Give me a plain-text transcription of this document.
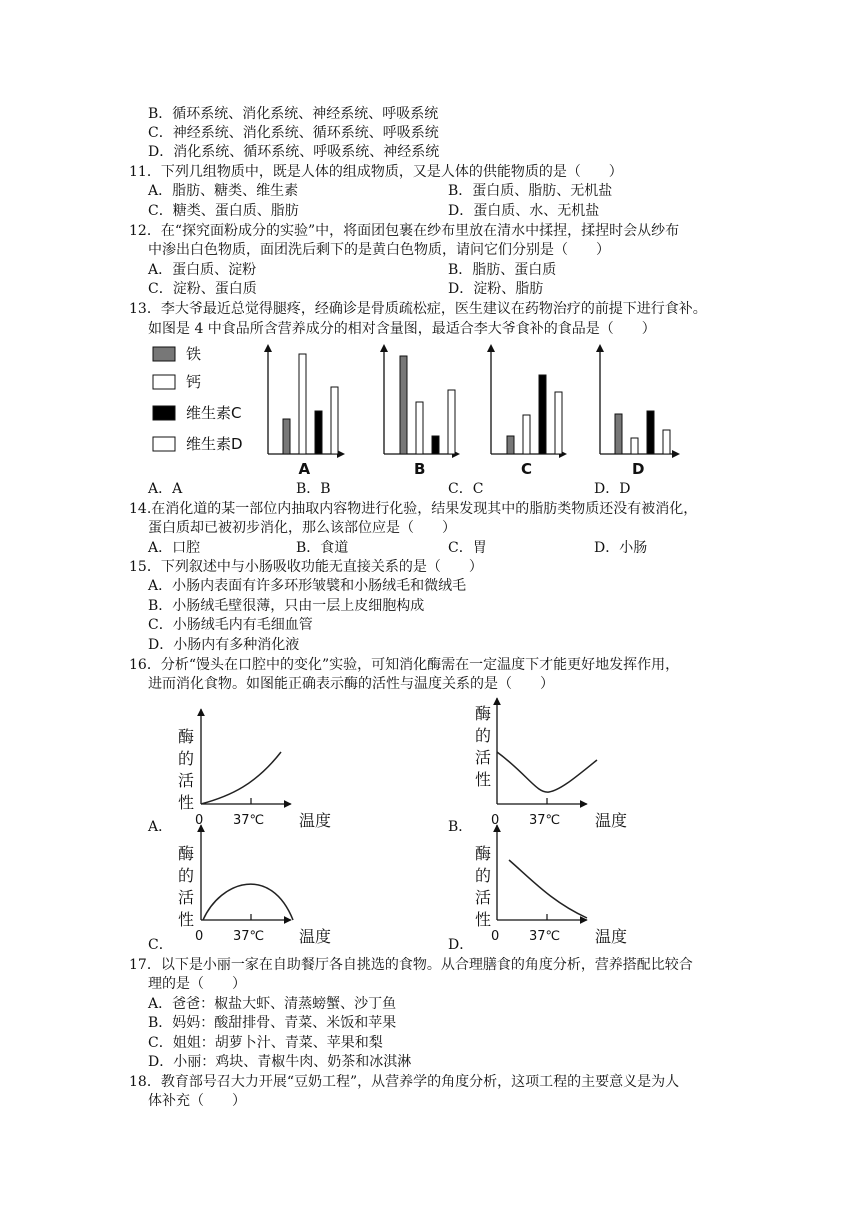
B．循环系统、消化系统、神经系统、呼吸系统
C．神经系统、消化系统、循环系统、呼吸系统
D．消化系统、循环系统、呼吸系统、神经系统
11．下列几组物质中，既是人体的组成物质，又是人体的供能物质的是（　　）
A．脂肪、糖类、维生素	B．蛋白质、脂肪、无机盐
C．糖类、蛋白质、脂肪	D．蛋白质、水、无机盐
12．在“探究面粉成分的实验”中，将面团包裹在纱布里放在清水中揉捏，揉捏时会从纱布
中渗出白色物质，面团洗后剩下的是黄白色物质，请问它们分别是（　　）
A．蛋白质、淀粉	B．脂肪、蛋白质
C．淀粉、蛋白质	D．淀粉、脂肪
13．李大爷最近总觉得腿疼，经确诊是骨质疏松症，医生建议在药物治疗的前提下进行食补。
如图是 4 中食品所含营养成分的相对含量图，最适合李大爷食补的食品是（　　）
铁
钙
维生素C
维生素D
A	B	C	D
A．A	B．B	C．C	D．D
14.在消化道的某一部位内抽取内容物进行化验，结果发现其中的脂肪类物质还没有被消化，
蛋白质却已被初步消化，那么该部位应是（　　）
A．口腔	B．食道	C．胃	D．小肠
15．下列叙述中与小肠吸收功能无直接关系的是（　　）
A．小肠内表面有许多环形皱襞和小肠绒毛和微绒毛
B．小肠绒毛壁很薄，只由一层上皮细胞构成
C．小肠绒毛内有毛细血管
D．小肠内有多种消化液
16．分析“馒头在口腔中的变化”实验，可知消化酶需在一定温度下才能更好地发挥作用，
进而消化食物。如图能正确表示酶的活性与温度关系的是（　　）
酶
的
活
性
0 37℃ 温度
酶
的
活
性
0 37℃ 温度
酶
的
活
性
0 37℃ 温度
酶
的
活
性
0 37℃ 温度
A．	B．
C．	D．
17．以下是小丽一家在自助餐厅各自挑选的食物。从合理膳食的角度分析，营养搭配比较合
理的是（　　）
A．爸爸：椒盐大虾、清蒸螃蟹、沙丁鱼
B．妈妈：酸甜排骨、青菜、米饭和苹果
C．姐姐：胡萝卜汁、青菜、苹果和梨
D．小丽：鸡块、青椒牛肉、奶茶和冰淇淋
18．教育部号召大力开展“豆奶工程”，从营养学的角度分析，这项工程的主要意义是为人
体补充（　　）
